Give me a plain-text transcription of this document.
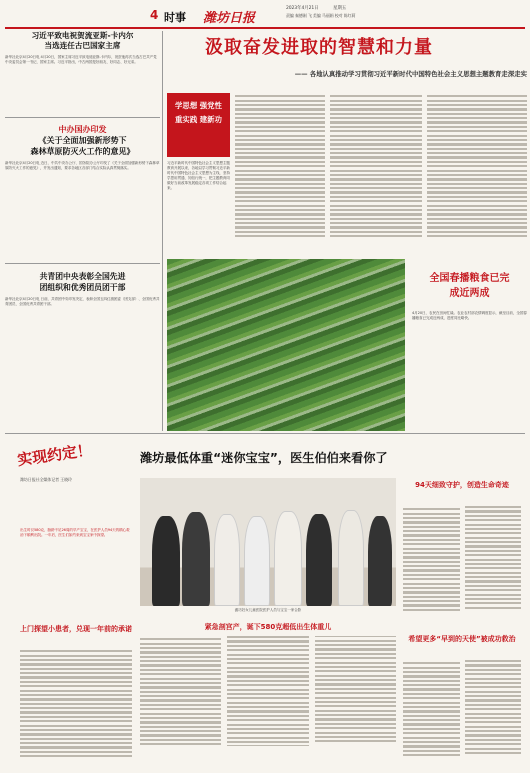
4 时事 潍坊日报
2023年4月21日	星期五
责编 秦德刚 飞 美编 马丽娟 校对 陈红莉
习近平致电祝贺流亚斯-卡内尔
当选连任古巴国家主席
新华社北京4月20日电 4月20日，国家主席习近平致电迪亚斯-卡内尔，祝贺他再次当选古巴共产党中央委员会第一书记、国家主席。习近平指出，中古两国是好朋友、好同志、好兄弟。
中办国办印发
《关于全面加强新形势下
森林草原防灭火工作的意见》
新华社北京4月20日电 近日，中共中央办公厅、国务院办公厅印发了《关于全面加强新形势下森林草原防灭火工作的意见》，并发出通知，要求各地区各部门结合实际认真贯彻落实。
共青团中央表彰全国先进
团组织和优秀团员团干部
新华社北京4月20日电 日前，共青团中央印发决定，表彰全国五四红旗团委（团支部）、全国优秀共青团员、全国优秀共青团干部。
汲取奋发进取的智慧和力量
—— 各地认真推动学习贯彻习近平新时代中国特色社会主义思想主题教育走深走实
学思想 强党性
重实践 建新功
习近平新时代中国特色社会主义思想主题教育开展以来，各地以学习贯彻习近平新时代中国特色社会主义思想为主线，坚持学思用贯通、知信行统一，把主题教育同做好当前改革发展稳定各项工作结合起来。
全国春播粮食已完成近两成
4月20日，农民在田间忙碌。农业农村部农情调度显示，截至目前，全国春播粮食已完成近两成，进度同比略快。
实现约定！	潍坊最低体重“迷你宝宝”，医生伯伯来看你了
潍坊日报社全媒体记者 王晓玲
出生时仅580克，胎龄不足26周的早产宝宝，在医护人员94天的精心救治下顺利出院。一年后，医生们如约来到宝宝家中探望。
上门探望小患者，兑现一年前的承诺
潍坊妇女儿童医院医护人员与宝宝一家合影
紧急剖宫产，诞下580克超低出生体重儿
94天细致守护，创造生命奇迹
希望更多“早到的天使”被成功救治
